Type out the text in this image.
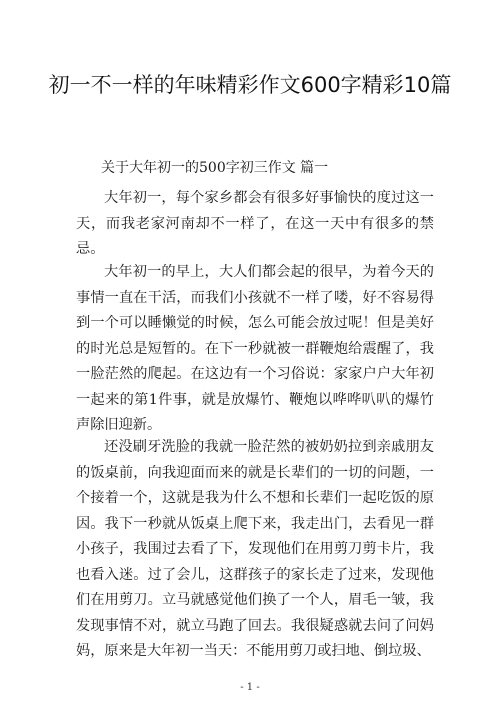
初一不一样的年味精彩作文600字精彩10篇
关于大年初一的500字初三作文 篇一

大年初一，每个家乡都会有很多好事愉快的度过这一天，而我老家河南却不一样了，在这一天中有很多的禁忌。

大年初一的早上，大人们都会起的很早，为着今天的事情一直在干活，而我们小孩就不一样了喽，好不容易得到一个可以睡懒觉的时候，怎么可能会放过呢！但是美好的时光总是短暂的。在下一秒就被一群鞭炮给震醒了，我一脸茫然的爬起。在这边有一个习俗说：家家户户大年初一起来的第1件事，就是放爆竹、鞭炮以哗哗叭叭的爆竹声除旧迎新。

还没刷牙洗脸的我就一脸茫然的被奶奶拉到亲戚朋友的饭桌前，向我迎面而来的就是长辈们的一切的问题，一个接着一个，这就是我为什么不想和长辈们一起吃饭的原因。我下一秒就从饭桌上爬下来，我走出门，去看见一群小孩子，我围过去看了下，发现他们在用剪刀剪卡片，我也看入迷。过了会儿，这群孩子的家长走了过来，发现他们在用剪刀。立马就感觉他们换了一个人，眉毛一皱，我发现事情不对，就立马跑了回去。我很疑惑就去问了问妈妈，原来是大年初一当天：不能用剪刀或扫地、倒垃圾、

- 1 -
